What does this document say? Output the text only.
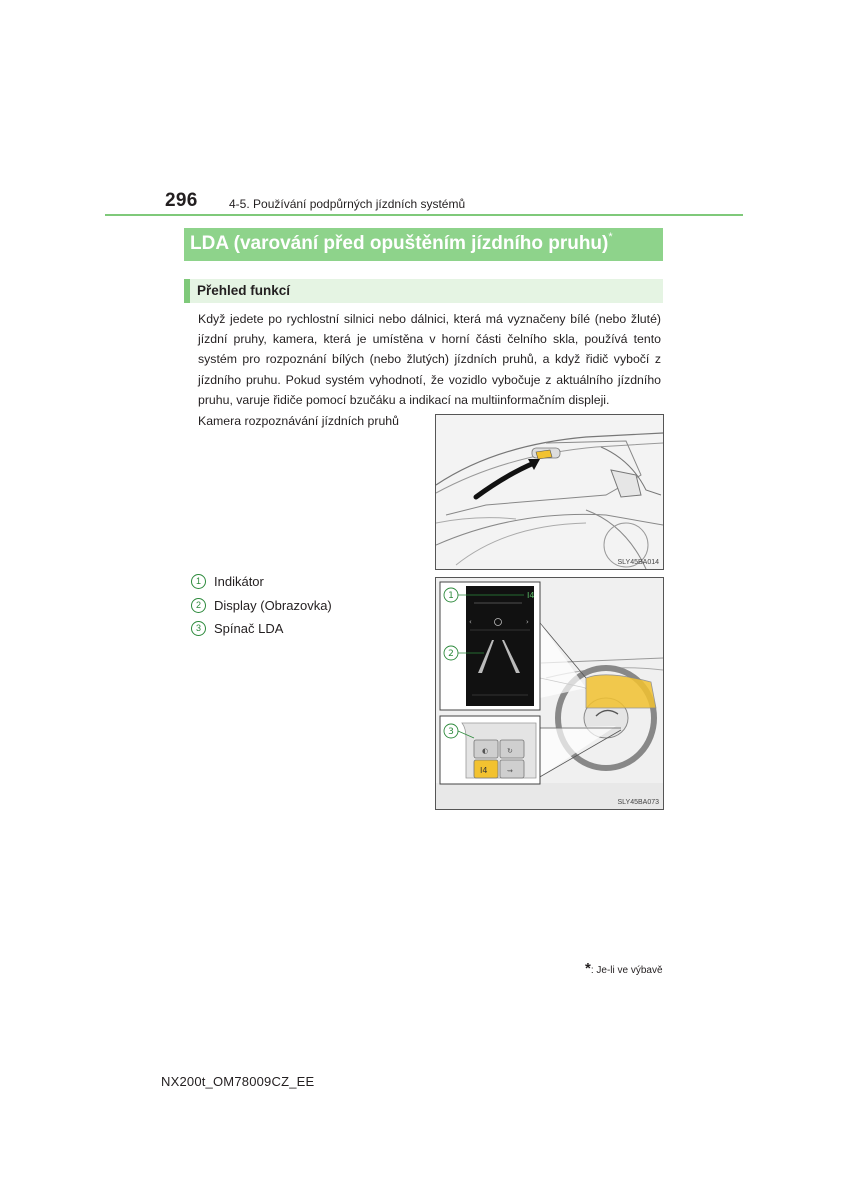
296	4-5. Používání podpůrných jízdních systémů
LDA (varování před opuštěním jízdního pruhu)*
Přehled funkcí

Když jedete po rychlostní silnici nebo dálnici, která má vyznačeny bílé (nebo žluté) jízdní pruhy, kamera, která je umístěna v horní části čelního skla, používá tento systém pro rozpoznání bílých (nebo žlutých) jízdních pruhů, a když řidič vybočí z jízdního pruhu. Pokud systém vyhodnotí, že vozidlo vybočuje z aktuálního jízdního pruhu, varuje řidiče pomocí bzučáku a indikací na multiinformačním displeji.

Kamera rozpoznávání jízdních pruhů
SLY45BA014
1 Indikátor
2 Display (Obrazovka)
3 Spínač LDA
I4
‹	›
I4	⇝
◐	↻
1
2
3
SLY45BA073
*: Je-li ve výbavě
NX200t_OM78009CZ_EE
